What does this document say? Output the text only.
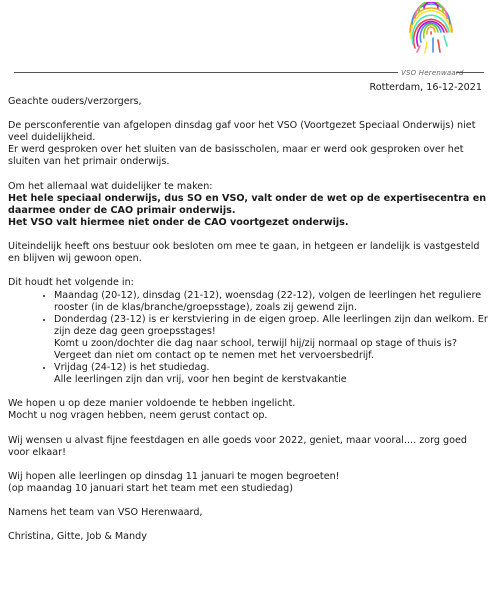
VSO Herenwaard
Rotterdam, 16-12-2021

Geachte ouders/verzorgers,

De persconferentie van afgelopen dinsdag gaf voor het VSO (Voortgezet Speciaal Onderwijs) niet veel duidelijkheid.
Er werd gesproken over het sluiten van de basisscholen, maar er werd ook gesproken over het sluiten van het primair onderwijs.

Om het allemaal wat duidelijker te maken:
Het hele speciaal onderwijs, dus SO en VSO, valt onder de wet op de expertisecentra en daarmee onder de CAO primair onderwijs.
Het VSO valt hiermee niet onder de CAO voortgezet onderwijs.

Uiteindelijk heeft ons bestuur ook besloten om mee te gaan, in hetgeen er landelijk is vastgesteld en blijven wij gewoon open.

Dit houdt het volgende in:
• Maandag (20-12), dinsdag (21-12), woensdag (22-12), volgen de leerlingen het reguliere rooster (in de klas/branche/groepsstage), zoals zij gewend zijn.
• Donderdag (23-12) is er kerstviering in de eigen groep. Alle leerlingen zijn dan welkom. Er zijn deze dag geen groepsstages!
Komt u zoon/dochter die dag naar school, terwijl hij/zij normaal op stage of thuis is?
Vergeet dan niet om contact op te nemen met het vervoersbedrijf.
• Vrijdag (24-12) is het studiedag.
Alle leerlingen zijn dan vrij, voor hen begint de kerstvakantie

We hopen u op deze manier voldoende te hebben ingelicht.
Mocht u nog vragen hebben, neem gerust contact op.

Wij wensen u alvast fijne feestdagen en alle goeds voor 2022, geniet, maar vooral.... zorg goed voor elkaar!

Wij hopen alle leerlingen op dinsdag 11 januari te mogen begroeten!
(op maandag 10 januari start het team met een studiedag)

Namens het team van VSO Herenwaard,

Christina, Gitte, Job & Mandy
